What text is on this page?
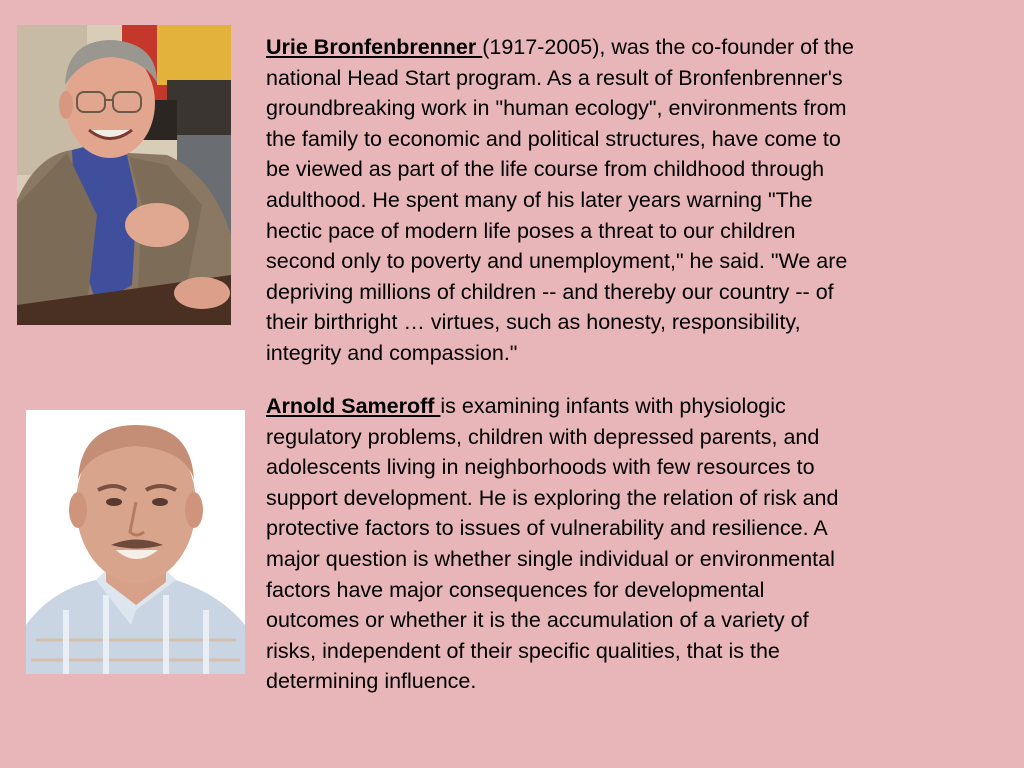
Urie Bronfenbrenner (1917-2005), was the co-founder of the

national Head Start program. As a result of Bronfenbrenner's

groundbreaking work in "human ecology", environments from

the family to economic and political structures, have come to

be viewed as part of the life course from childhood through

adulthood. He spent many of his later years warning "The

hectic pace of modern life poses a threat to our children

second only to poverty and unemployment," he said. "We are

depriving millions of children -- and thereby our country -- of

their birthright … virtues, such as honesty, responsibility,

integrity and compassion."

Arnold Sameroff is examining infants with physiologic

regulatory problems, children with depressed parents, and

adolescents living in neighborhoods with few resources to

support development. He is exploring the relation of risk and

protective factors to issues of vulnerability and resilience. A

major question is whether single individual or environmental

factors have major consequences for developmental

outcomes or whether it is the accumulation of a variety of

risks, independent of their specific qualities, that is the

determining influence.
